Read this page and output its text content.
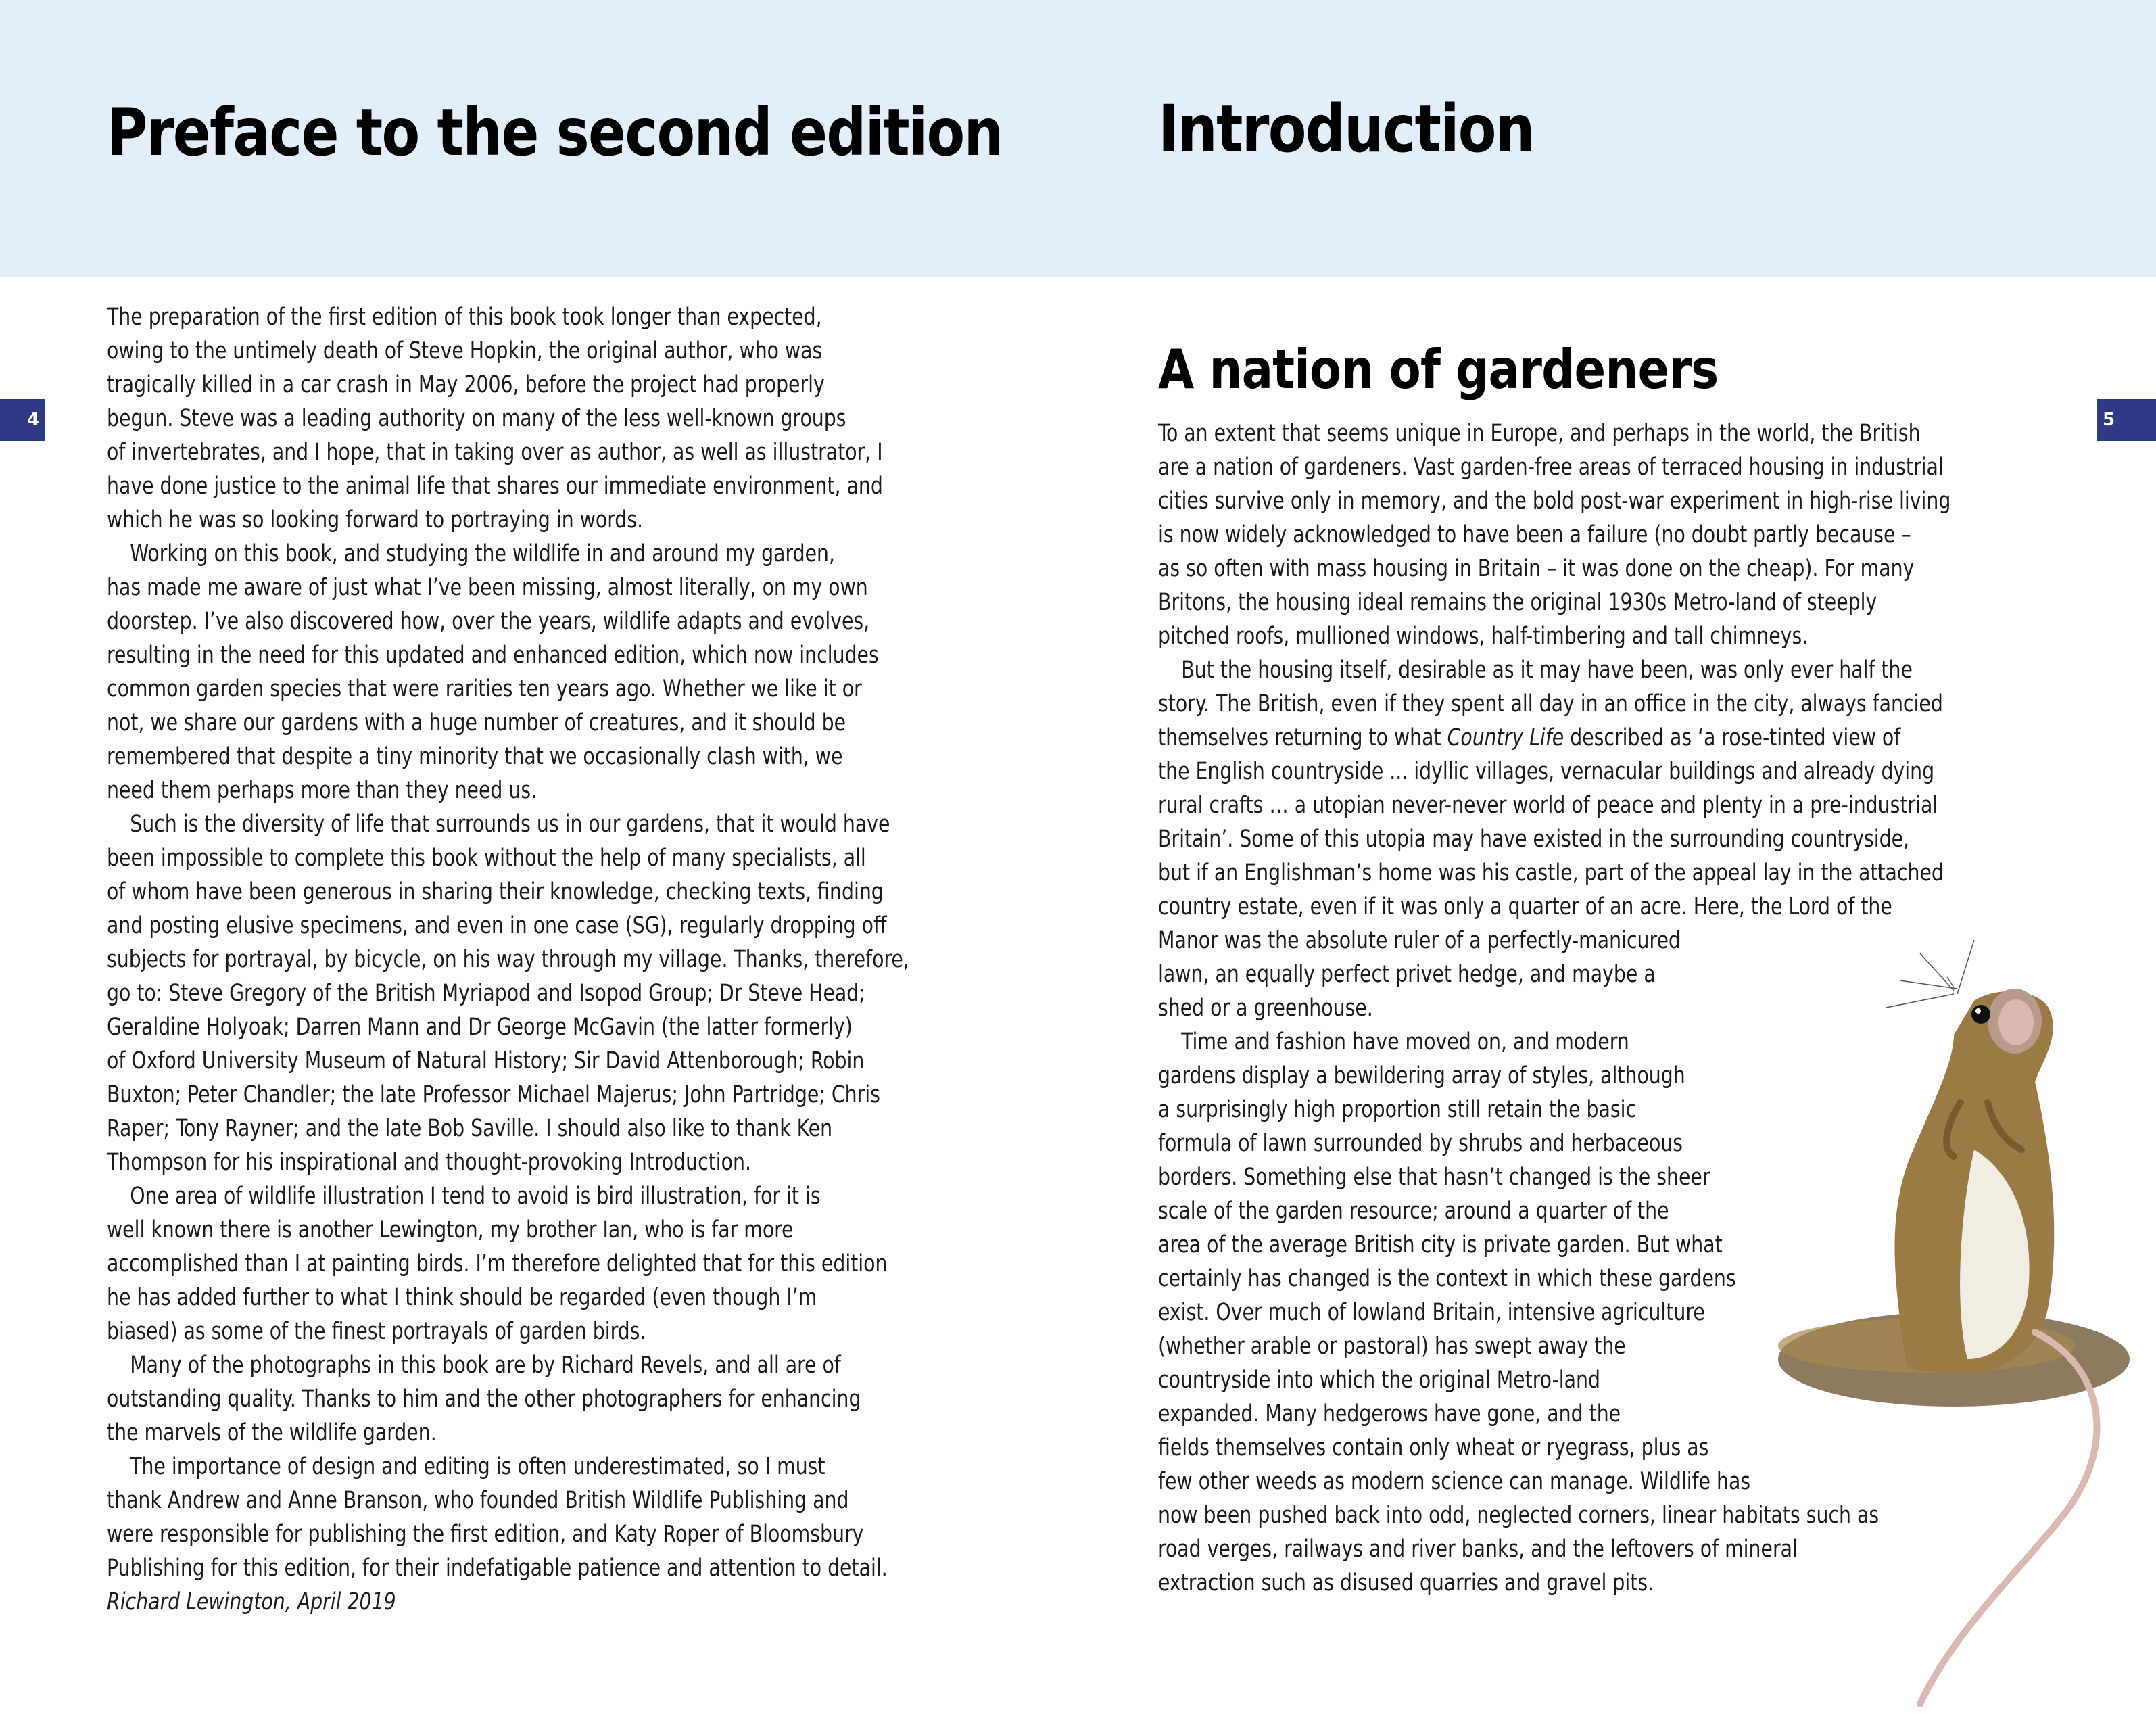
Preface to the second edition Introduction
4	5

The preparation of the first edition of this book took longer than expected,

owing to the untimely death of Steve Hopkin, the original author, who was

tragically killed in a car crash in May 2006, before the project had properly

begun. Steve was a leading authority on many of the less well-known groups

of invertebrates, and I hope, that in taking over as author, as well as illustrator, I

have done justice to the animal life that shares our immediate environment, and

which he was so looking forward to portraying in words.

Working on this book, and studying the wildlife in and around my garden,

has made me aware of just what I’ve been missing, almost literally, on my own

doorstep. I’ve also discovered how, over the years, wildlife adapts and evolves,

resulting in the need for this updated and enhanced edition, which now includes

common garden species that were rarities ten years ago. Whether we like it or

not, we share our gardens with a huge number of creatures, and it should be

remembered that despite a tiny minority that we occasionally clash with, we

need them perhaps more than they need us.

Such is the diversity of life that surrounds us in our gardens, that it would have

been impossible to complete this book without the help of many specialists, all

of whom have been generous in sharing their knowledge, checking texts, finding

and posting elusive specimens, and even in one case (SG), regularly dropping off

subjects for portrayal, by bicycle, on his way through my village. Thanks, therefore,

go to: Steve Gregory of the British Myriapod and Isopod Group; Dr Steve Head;

Geraldine Holyoak; Darren Mann and Dr George McGavin (the latter formerly)

of Oxford University Museum of Natural History; Sir David Attenborough; Robin

Buxton; Peter Chandler; the late Professor Michael Majerus; John Partridge; Chris

Raper; Tony Rayner; and the late Bob Saville. I should also like to thank Ken

Thompson for his inspirational and thought-provoking Introduction.

One area of wildlife illustration I tend to avoid is bird illustration, for it is

well known there is another Lewington, my brother Ian, who is far more

accomplished than I at painting birds. I’m therefore delighted that for this edition

he has added further to what I think should be regarded (even though I’m

biased) as some of the finest portrayals of garden birds.

Many of the photographs in this book are by Richard Revels, and all are of

outstanding quality. Thanks to him and the other photographers for enhancing

the marvels of the wildlife garden.

The importance of design and editing is often underestimated, so I must

thank Andrew and Anne Branson, who founded British Wildlife Publishing and

were responsible for publishing the first edition, and Katy Roper of Bloomsbury

Publishing for this edition, for their indefatigable patience and attention to detail.

Richard Lewington, April 2019

A nation of gardeners

To an extent that seems unique in Europe, and perhaps in the world, the British

are a nation of gardeners. Vast garden-free areas of terraced housing in industrial

cities survive only in memory, and the bold post-war experiment in high-rise living

is now widely acknowledged to have been a failure (no doubt partly because –

as so often with mass housing in Britain – it was done on the cheap). For many

Britons, the housing ideal remains the original 1930s Metro-land of steeply

pitched roofs, mullioned windows, half-timbering and tall chimneys.

But the housing itself, desirable as it may have been, was only ever half the

story. The British, even if they spent all day in an office in the city, always fancied

themselves returning to what Country Life described as ‘a rose-tinted view of

the English countryside ... idyllic villages, vernacular buildings and already dying

rural crafts … a utopian never-never world of peace and plenty in a pre-industrial

Britain’. Some of this utopia may have existed in the surrounding countryside,

but if an Englishman’s home was his castle, part of the appeal lay in the attached

country estate, even if it was only a quarter of an acre. Here, the Lord of the

Manor was the absolute ruler of a perfectly-manicured

lawn, an equally perfect privet hedge, and maybe a

shed or a greenhouse.

Time and fashion have moved on, and modern

gardens display a bewildering array of styles, although

a surprisingly high proportion still retain the basic

formula of lawn surrounded by shrubs and herbaceous

borders. Something else that hasn’t changed is the sheer

scale of the garden resource; around a quarter of the

area of the average British city is private garden. But what

certainly has changed is the context in which these gardens

exist. Over much of lowland Britain, intensive agriculture

(whether arable or pastoral) has swept away the

countryside into which the original Metro-land

expanded. Many hedgerows have gone, and the

fields themselves contain only wheat or ryegrass, plus as

few other weeds as modern science can manage. Wildlife has

now been pushed back into odd, neglected corners, linear habitats such as

road verges, railways and river banks, and the leftovers of mineral

extraction such as disused quarries and gravel pits.
